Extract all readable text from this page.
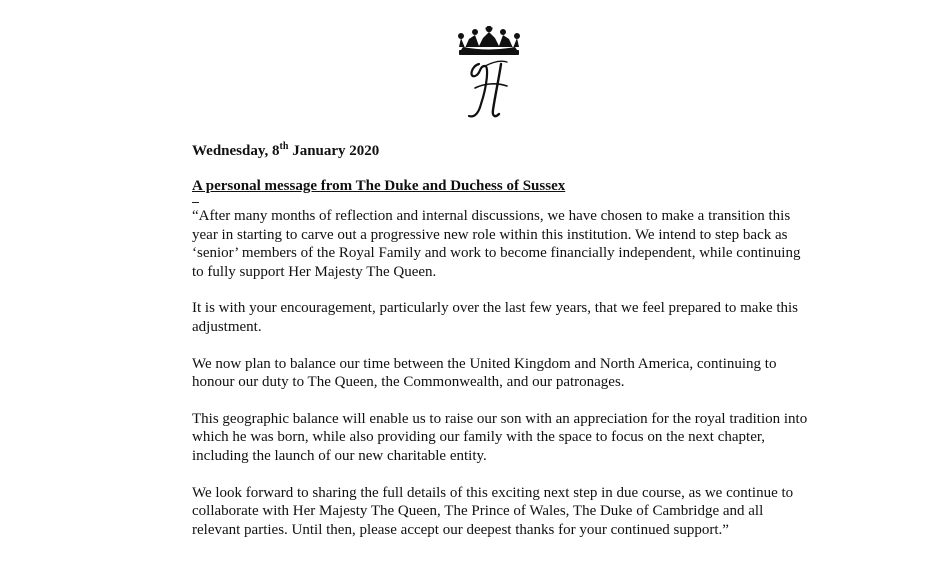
Wednesday, 8th January 2020

A personal message from The Duke and Duchess of Sussex

“After many months of reflection and internal discussions, we have chosen to make a transition this year in starting to carve out a progressive new role within this institution. We intend to step back as ‘senior’ members of the Royal Family and work to become financially independent, while continuing to fully support Her Majesty The Queen.

It is with your encouragement, particularly over the last few years, that we feel prepared to make this adjustment.

We now plan to balance our time between the United Kingdom and North America, continuing to honour our duty to The Queen, the Commonwealth, and our patronages.

This geographic balance will enable us to raise our son with an appreciation for the royal tradition into which he was born, while also providing our family with the space to focus on the next chapter, including the launch of our new charitable entity.

We look forward to sharing the full details of this exciting next step in due course, as we continue to collaborate with Her Majesty The Queen, The Prince of Wales, The Duke of Cambridge and all relevant parties. Until then, please accept our deepest thanks for your continued support.”
